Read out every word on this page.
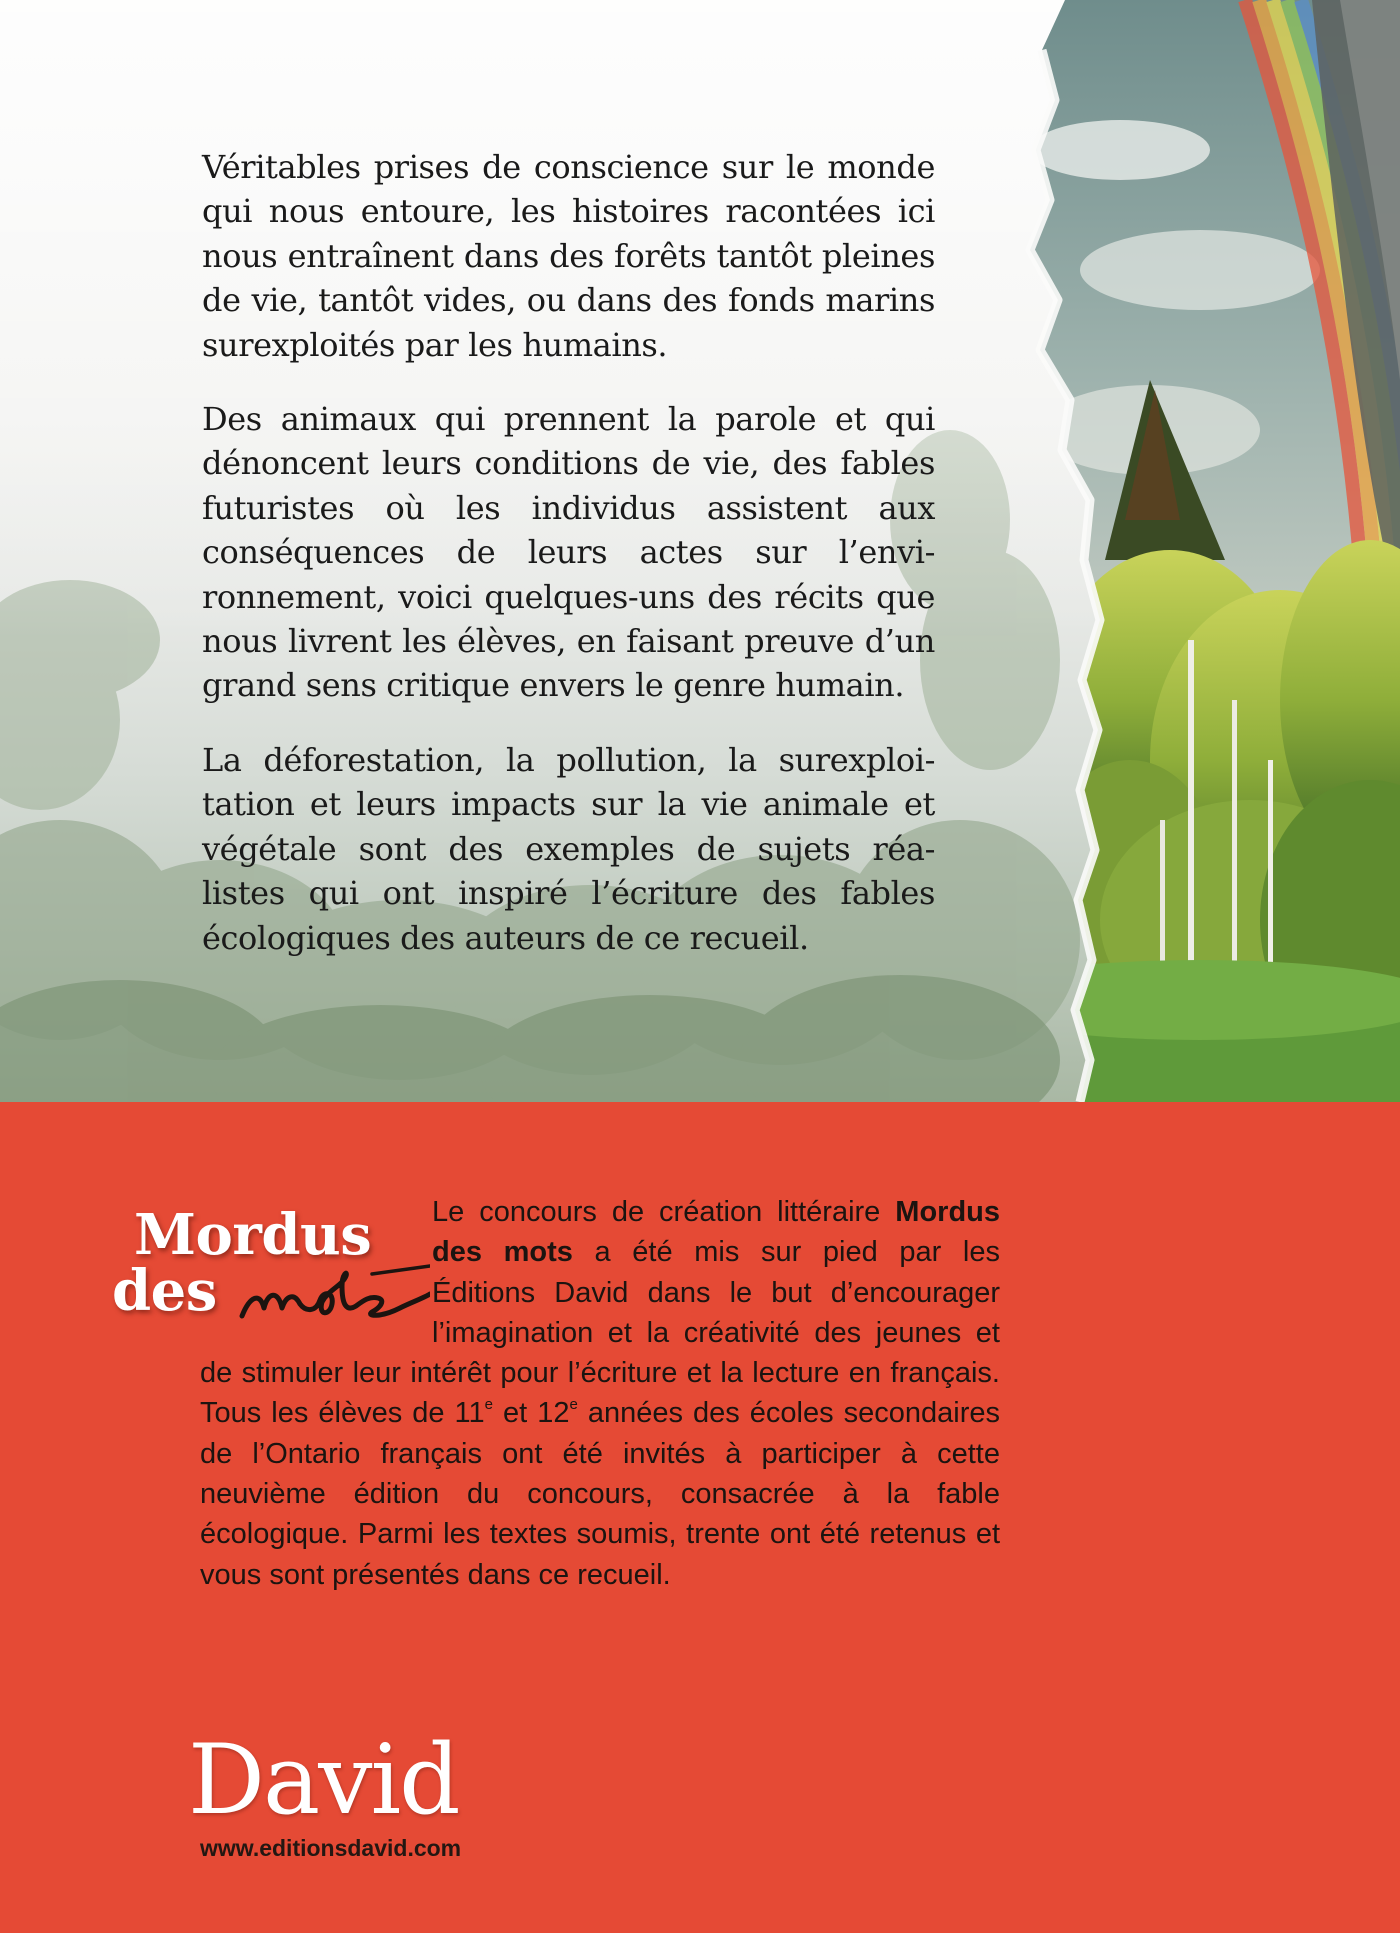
Véritables prises de conscience sur le monde qui nous entoure, les histoires racontées ici nous entraînent dans des forêts tantôt pleines de vie, tantôt vides, ou dans des fonds marins surexploités par les humains.

Des animaux qui prennent la parole et qui dénoncent leurs conditions de vie, des fables futuristes où les individus assistent aux conséquences de leurs actes sur l’envi-ronnement, voici quelques-uns des récits que nous livrent les élèves, en faisant preuve d’un grand sens critique envers le genre humain.

La déforestation, la pollution, la surexploi-tation et leurs impacts sur la vie animale et végétale sont des exemples de sujets réa-listes qui ont inspiré l’écriture des fables écologiques des auteurs de ce recueil.

Mordus
des
Le concours de création littéraire Mordus des mots a été mis sur pied par les Éditions David dans le but d’encourager l’imagination et la créativité des jeunes et de stimuler leur intérêt pour l’écriture et la lecture en français. Tous les élèves de 11e et 12e années des écoles secondaires de l’Ontario français ont été invités à participer à cette neuvième édition du concours, consacrée à la fable écologique. Parmi les textes soumis, trente ont été retenus et vous sont présentés dans ce recueil.
David
www.editionsdavid.com
